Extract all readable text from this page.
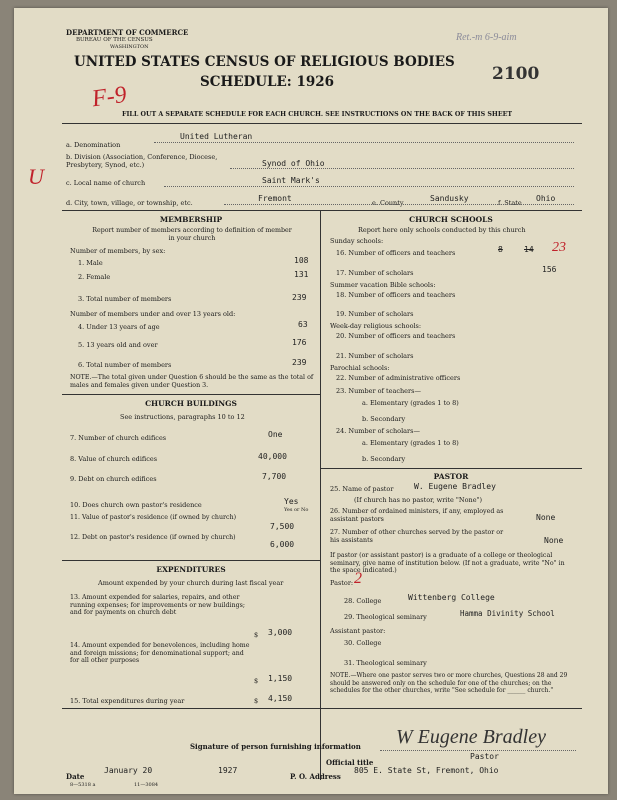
DEPARTMENT OF COMMERCE
BUREAU OF THE CENSUS
WASHINGTON
Ret.-m 6-9-aim
UNITED STATES CENSUS OF RELIGIOUS BODIES
SCHEDULE: 1926	2100
F-9
U
FILL OUT A SEPARATE SCHEDULE FOR EACH CHURCH. SEE INSTRUCTIONS ON THE BACK OF THIS SHEET
a. Denomination
United Lutheran
b. Division (Association, Conference, Diocese, Presbytery, Synod, etc.)	Synod of Ohio
c. Local name of church	Saint Mark's
d. City, town, village, or township, etc.	Fremont	e. County	Sandusky	f. State Ohio
MEMBERSHIP
Report number of members according to definition of member in your church
Number of members, by sex:
1. Male	108
2. Female	131
3. Total number of members	239
Number of members under and over 13 years old:
4. Under 13 years of age	63
5. 13 years old and over	176
6. Total number of members	239
NOTE.—The total given under Question 6 should be the same as the total of males and females given under Question 3.
CHURCH BUILDINGS
See instructions, paragraphs 10 to 12
7. Number of church edifices	One
8. Value of church edifices	40,000
9. Debt on church edifices	7,700
10. Does church own pastor's residence	Yes
Yes or No
11. Value of pastor's residence (if owned by church)
7,500
12. Debt on pastor's residence (if owned by church)
6,000
EXPENDITURES
Amount expended by your church during last fiscal year
13. Amount expended for salaries, repairs, and other running expenses; for improvements or new buildings; and for payments on church debt
$ 3,000
14. Amount expended for benevolences, including home and foreign missions; for denominational support; and for all other purposes
$ 1,150
15. Total expenditures during year	$ 4,150
CHURCH SCHOOLS
Report here only schools conducted by this church
Sunday schools:
16. Number of officers and teachers	8	14 23
17. Number of scholars	156
Summer vacation Bible schools:
18. Number of officers and teachers
19. Number of scholars
Week-day religious schools:
20. Number of officers and teachers
21. Number of scholars
Parochial schools:
22. Number of administrative officers
23. Number of teachers—
a. Elementary (grades 1 to 8)
b. Secondary
24. Number of scholars—
a. Elementary (grades 1 to 8)
b. Secondary
PASTOR
25. Name of pastor	W. Eugene Bradley
(If church has no pastor, write "None")
26. Number of ordained ministers, if any, employed as assistant pastors	None
27. Number of other churches served by the pastor or his assistants	None
If pastor (or assistant pastor) is a graduate of a college or theological seminary, give name of institution below. (If not a graduate, write "No" in the space indicated.)
Pastor: 2
28. College	Wittenberg College
29. Theological seminary	Hamma Divinity School
Assistant pastor:
30. College
31. Theological seminary
NOTE.—Where one pastor serves two or more churches, Questions 28 and 29 should be answered only on the schedule for one of the churches; on the schedules for the other churches, write "See schedule for ______ church."
Signature of person furnishing information W Eugene Bradley
Official title
Pastor
Date
January 20	1927
P. O. Address
805 E. State St, Fremont, Ohio
8—5318 a	11—3084
